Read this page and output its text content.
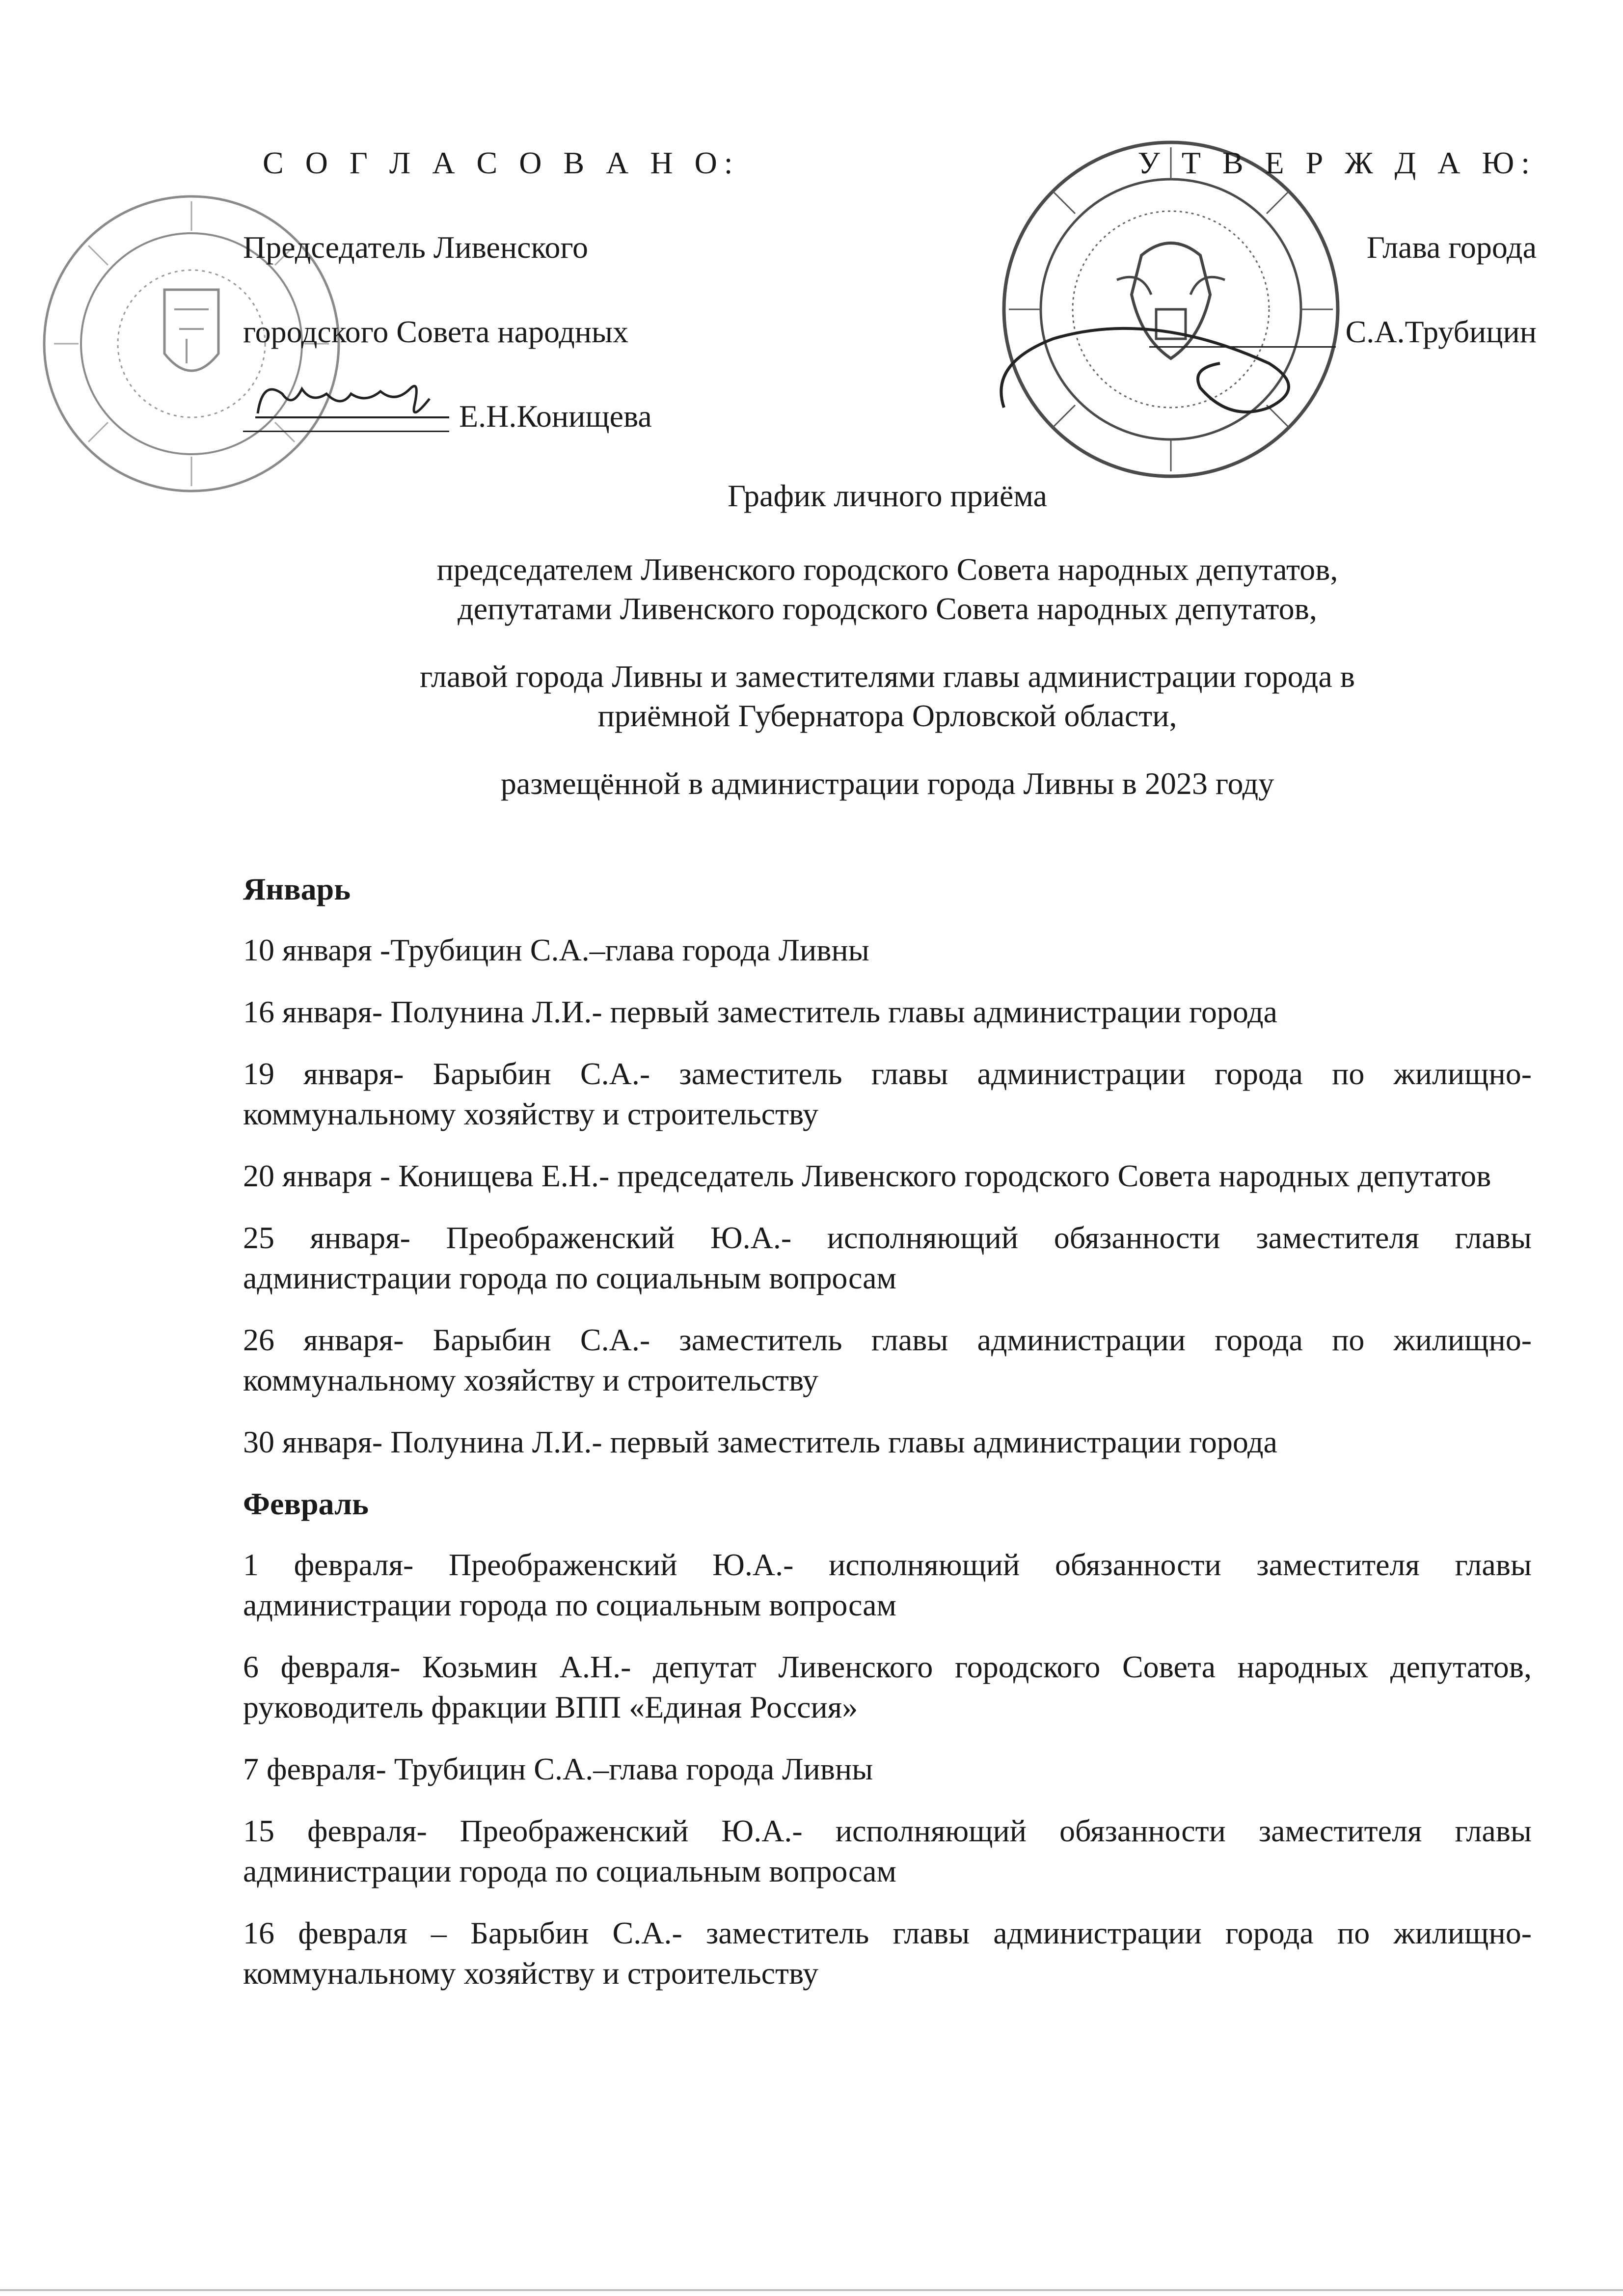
С О Г Л А С О В А Н О:
Председатель Ливенского
городского Совета народных
Е.Н.Конищева
У Т В Е Р Ж Д А Ю:
Глава города
С.А.Трубицин
График личного приёма
председателем Ливенского городского Совета народных депутатов,
депутатами Ливенского городского Совета народных депутатов,
главой города Ливны и заместителями главы администрации города в
приёмной Губернатора Орловской области,
размещённой в администрации города Ливны в 2023 году
Январь
10 января -Трубицин С.А.–глава города Ливны
16 января- Полунина Л.И.- первый заместитель главы администрации города
19 января- Барыбин С.А.- заместитель главы администрации города по жилищно-коммунальному хозяйству и строительству
20 января - Конищева Е.Н.- председатель Ливенского городского Совета народных депутатов
25 января- Преображенский Ю.А.- исполняющий обязанности заместителя главы администрации города по социальным вопросам
26 января- Барыбин С.А.- заместитель главы администрации города по жилищно-коммунальному хозяйству и строительству
30 января- Полунина Л.И.- первый заместитель главы администрации города
Февраль
1 февраля- Преображенский Ю.А.- исполняющий обязанности заместителя главы администрации города по социальным вопросам
6 февраля- Козьмин А.Н.- депутат Ливенского городского Совета народных депутатов, руководитель фракции ВПП «Единая Россия»
7 февраля- Трубицин С.А.–глава города Ливны
15 февраля- Преображенский Ю.А.- исполняющий обязанности заместителя главы администрации города по социальным вопросам
16 февраля – Барыбин С.А.- заместитель главы администрации города по жилищно-коммунальному хозяйству и строительству
